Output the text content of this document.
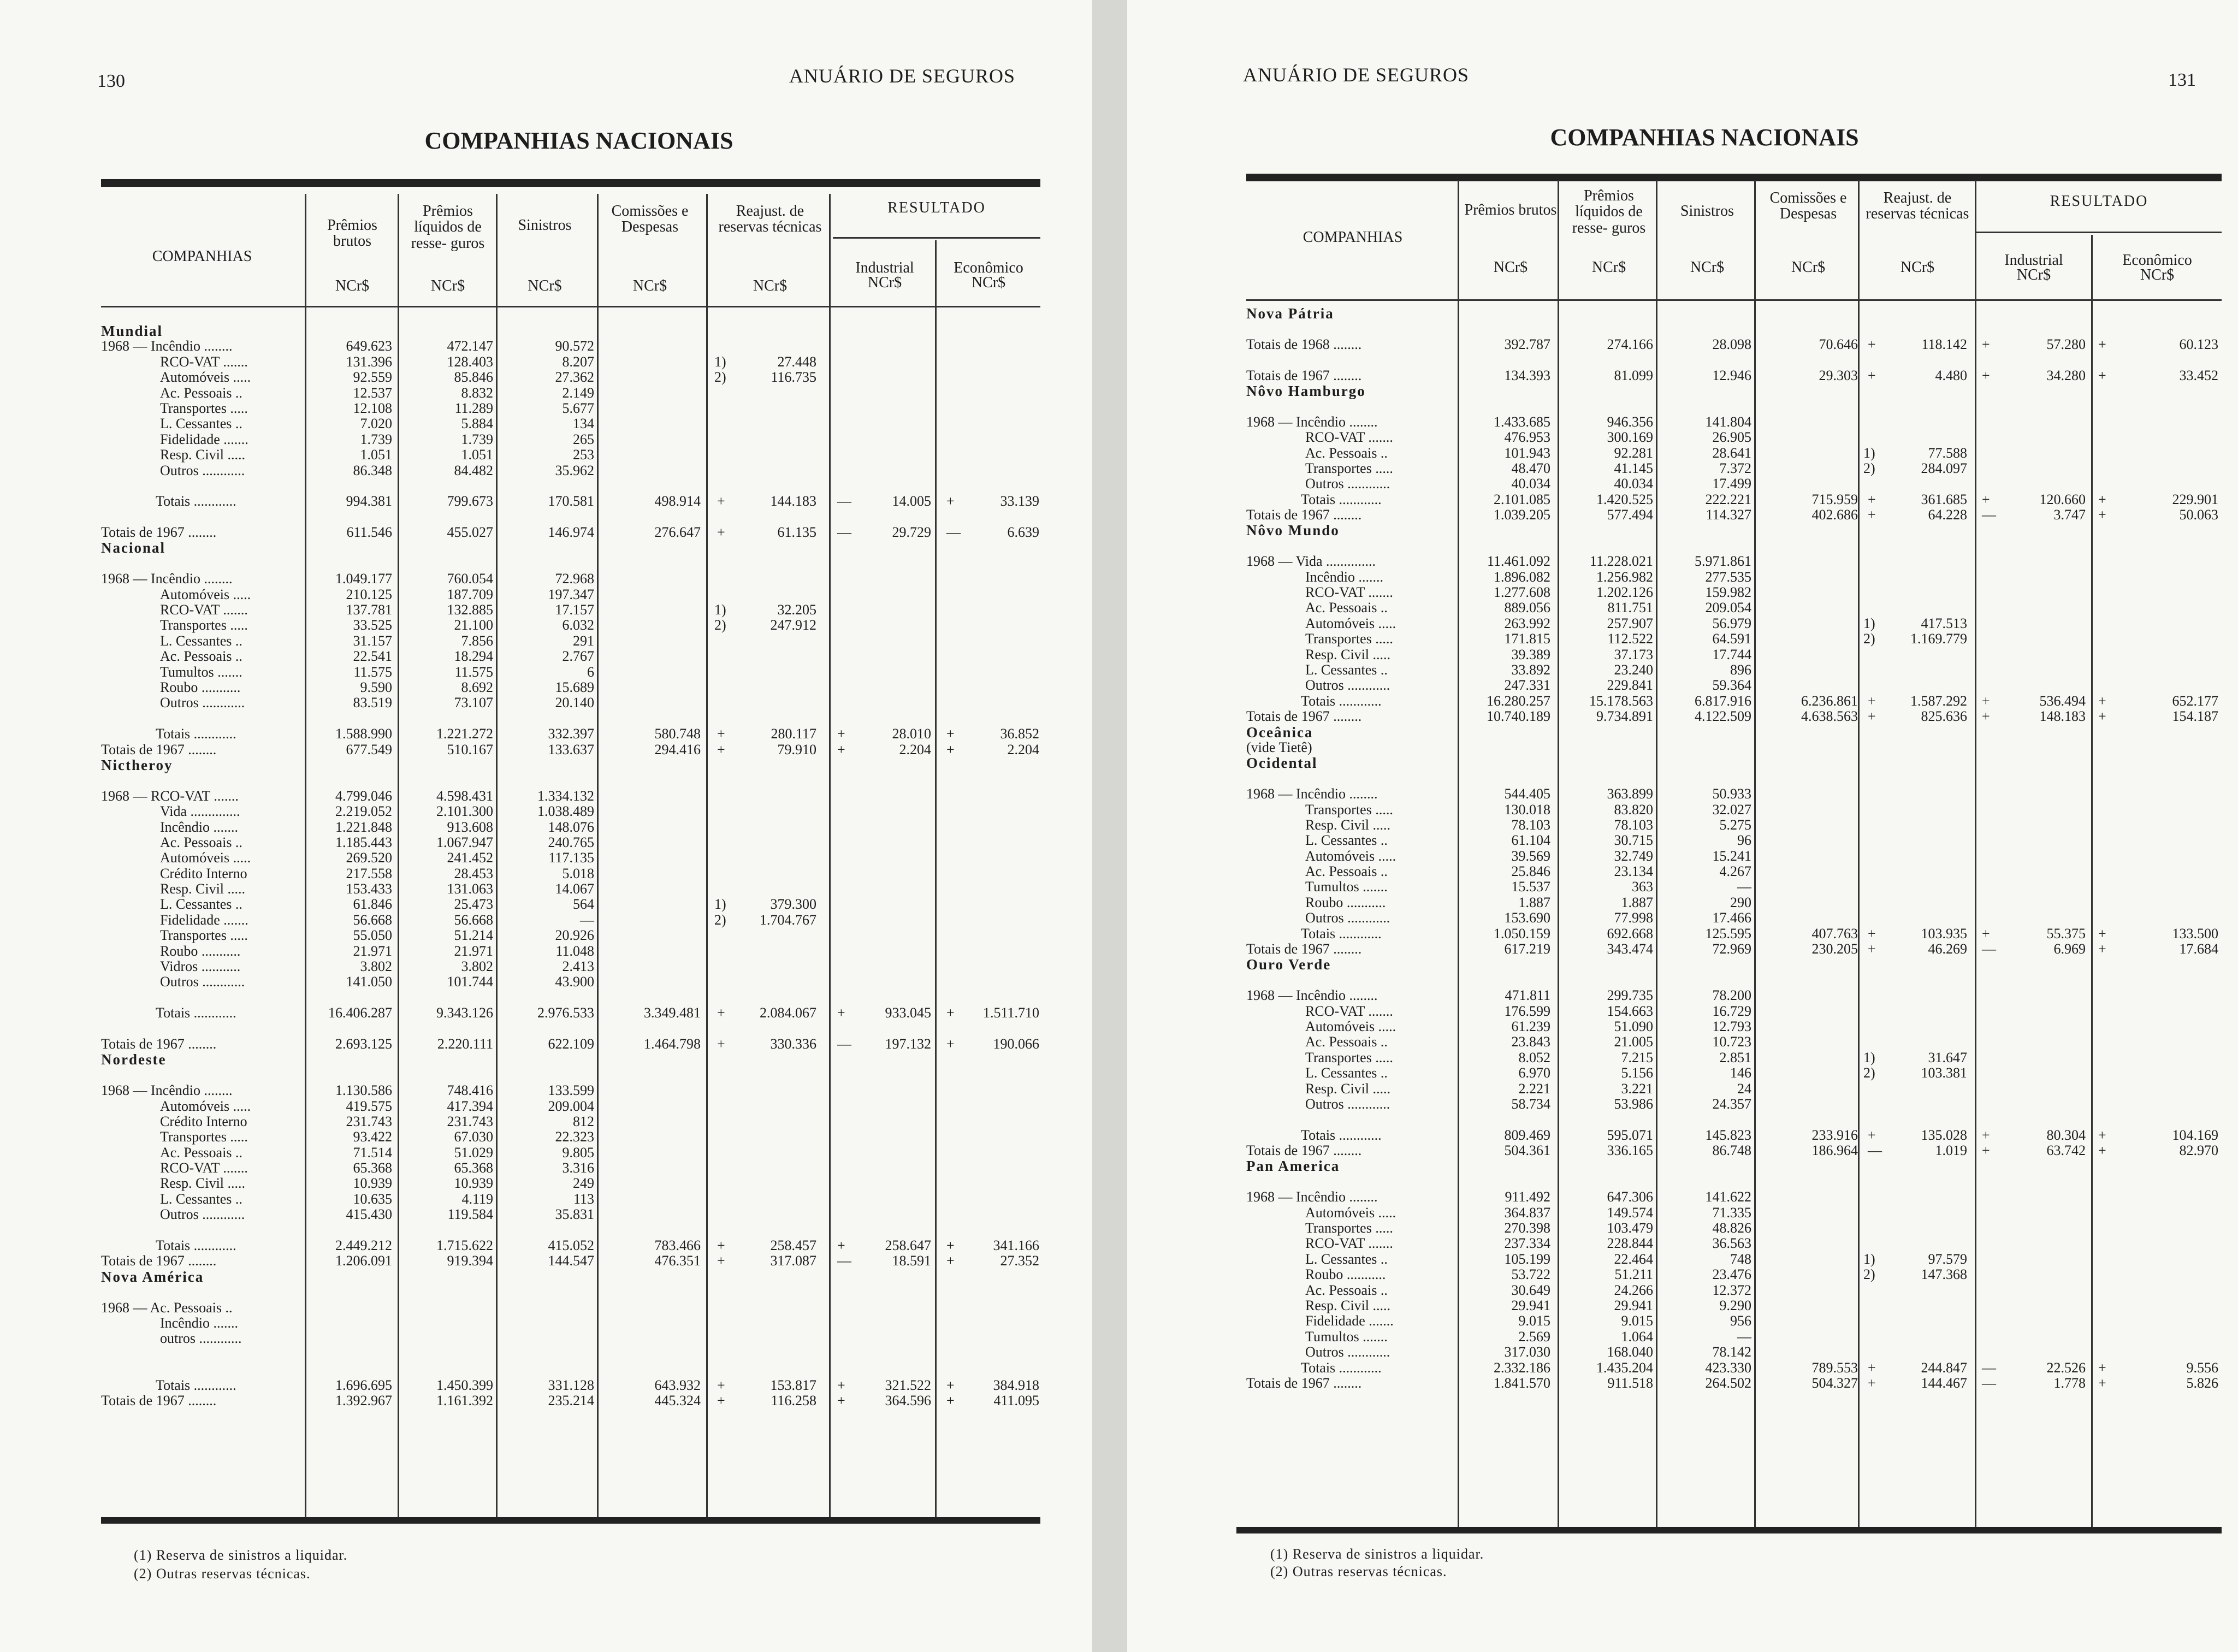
130	ANUÁRIO DE SEGUROS
COMPANHIAS NACIONAIS
COMPANHIAS
Prêmios brutos
Prêmios líquidos de resse- guros
Sinistros
Comissões e Despesas
Reajust. de reservas técnicas
RESULTADO
Industrial	Econômico
NCr$	NCr$	NCr$	NCr$	NCr$	NCr$	NCr$
Mundial
1968 — Incêndio ........	649.623	472.147	90.572
RCO-VAT .......	131.396	128.403	8.207	1)	27.448
Automóveis .....	92.559	85.846	27.362	2)	116.735
Ac. Pessoais ..	12.537	8.832	2.149
Transportes .....	12.108	11.289	5.677
L. Cessantes ..	7.020	5.884	134
Fidelidade .......	1.739	1.739	265
Resp. Civil .....	1.051	1.051	253
Outros ............	86.348	84.482	35.962
Totais ............	994.381	799.673	170.581	498.914 +	144.183 —	14.005 +	33.139
Totais de 1967 ........	611.546	455.027	146.974	276.647 +	61.135 —	29.729 —	6.639
Nacional
1968 — Incêndio ........	1.049.177	760.054	72.968
Automóveis .....	210.125	187.709	197.347
RCO-VAT .......	137.781	132.885	17.157	1)	32.205
Transportes .....	33.525	21.100	6.032	2)	247.912
L. Cessantes ..	31.157	7.856	291
Ac. Pessoais ..	22.541	18.294	2.767
Tumultos .......	11.575	11.575	6
Roubo ...........	9.590	8.692	15.689
Outros ............	83.519	73.107	20.140
Totais ............	1.588.990	1.221.272	332.397	580.748 +	280.117 +	28.010 +	36.852
Totais de 1967 ........	677.549	510.167	133.637	294.416 +	79.910 +	2.204 +	2.204
Nictheroy
1968 — RCO-VAT .......	4.799.046	4.598.431	1.334.132
Vida ..............	2.219.052	2.101.300	1.038.489
Incêndio .......	1.221.848	913.608	148.076
Ac. Pessoais ..	1.185.443	1.067.947	240.765
Automóveis .....	269.520	241.452	117.135
Crédito Interno	217.558	28.453	5.018
Resp. Civil .....	153.433	131.063	14.067
L. Cessantes ..	61.846	25.473	564	1)	379.300
Fidelidade .......	56.668	56.668	—	2)	1.704.767
Transportes .....	55.050	51.214	20.926
Roubo ...........	21.971	21.971	11.048
Vidros ...........	3.802	3.802	2.413
Outros ............	141.050	101.744	43.900
Totais ............	16.406.287	9.343.126	2.976.533	3.349.481 +	2.084.067 +	933.045 +	1.511.710
Totais de 1967 ........	2.693.125	2.220.111	622.109	1.464.798 +	330.336 —	197.132 +	190.066
Nordeste
1968 — Incêndio ........	1.130.586	748.416	133.599
Automóveis .....	419.575	417.394	209.004
Crédito Interno	231.743	231.743	812
Transportes .....	93.422	67.030	22.323
Ac. Pessoais ..	71.514	51.029	9.805
RCO-VAT .......	65.368	65.368	3.316
Resp. Civil .....	10.939	10.939	249
L. Cessantes ..	10.635	4.119	113
Outros ............	415.430	119.584	35.831
Totais ............	2.449.212	1.715.622	415.052	783.466 +	258.457 +	258.647 +	341.166
Totais de 1967 ........	1.206.091	919.394	144.547	476.351 +	317.087 —	18.591 +	27.352
Nova América
1968 — Ac. Pessoais ..
Incêndio .......
outros ............
Totais ............	1.696.695	1.450.399	331.128	643.932 +	153.817 +	321.522 +	384.918
Totais de 1967 ........	1.392.967	1.161.392	235.214	445.324 +	116.258 +	364.596 +	411.095
(1) Reserva de sinistros a liquidar.
(2) Outras reservas técnicas.
ANUÁRIO DE SEGUROS	131
COMPANHIAS NACIONAIS
COMPANHIAS
Prêmios brutos
Prêmios líquidos de resse- guros
Sinistros
Comissões e Despesas
Reajust. de reservas técnicas
RESULTADO
Industrial	Econômico
NCr$	NCr$	NCr$	NCr$	NCr$	NCr$	NCr$
Nova Pátria
Totais de 1968 ........	392.787	274.166	28.098	70.646 +	118.142 +	57.280 +	60.123
Totais de 1967 ........	134.393	81.099	12.946	29.303 +	4.480 +	34.280 +	33.452
Nôvo Hamburgo
1968 — Incêndio ........	1.433.685	946.356	141.804
RCO-VAT .......	476.953	300.169	26.905
Ac. Pessoais ..	101.943	92.281	28.641	1)	77.588
Transportes .....	48.470	41.145	7.372	2)	284.097
Outros ............	40.034	40.034	17.499
Totais ............	2.101.085	1.420.525	222.221	715.959 +	361.685 +	120.660 +	229.901
Totais de 1967 ........	1.039.205	577.494	114.327	402.686 +	64.228 —	3.747 +	50.063
Nôvo Mundo
1968 — Vida ..............	11.461.092	11.228.021	5.971.861
Incêndio .......	1.896.082	1.256.982	277.535
RCO-VAT .......	1.277.608	1.202.126	159.982
Ac. Pessoais ..	889.056	811.751	209.054
Automóveis .....	263.992	257.907	56.979	1)	417.513
Transportes .....	171.815	112.522	64.591	2)	1.169.779
Resp. Civil .....	39.389	37.173	17.744
L. Cessantes ..	33.892	23.240	896
Outros ............	247.331	229.841	59.364
Totais ............	16.280.257	15.178.563	6.817.916	6.236.861 +	1.587.292 +	536.494 +	652.177
Totais de 1967 ........	10.740.189	9.734.891	4.122.509	4.638.563 +	825.636 +	148.183 +	154.187
Oceânica
(vide Tietê)
Ocidental
1968 — Incêndio ........	544.405	363.899	50.933
Transportes .....	130.018	83.820	32.027
Resp. Civil .....	78.103	78.103	5.275
L. Cessantes ..	61.104	30.715	96
Automóveis .....	39.569	32.749	15.241
Ac. Pessoais ..	25.846	23.134	4.267
Tumultos .......	15.537	363	—
Roubo ...........	1.887	1.887	290
Outros ............	153.690	77.998	17.466
Totais ............	1.050.159	692.668	125.595	407.763 +	103.935 +	55.375 +	133.500
Totais de 1967 ........	617.219	343.474	72.969	230.205 +	46.269 —	6.969 +	17.684
Ouro Verde
1968 — Incêndio ........	471.811	299.735	78.200
RCO-VAT .......	176.599	154.663	16.729
Automóveis .....	61.239	51.090	12.793
Ac. Pessoais ..	23.843	21.005	10.723
Transportes .....	8.052	7.215	2.851	1)	31.647
L. Cessantes ..	6.970	5.156	146	2)	103.381
Resp. Civil .....	2.221	3.221	24
Outros ............	58.734	53.986	24.357
Totais ............	809.469	595.071	145.823	233.916 +	135.028 +	80.304 +	104.169
Totais de 1967 ........	504.361	336.165	86.748	186.964 —	1.019 +	63.742 +	82.970
Pan America
1968 — Incêndio ........	911.492	647.306	141.622
Automóveis .....	364.837	149.574	71.335
Transportes .....	270.398	103.479	48.826
RCO-VAT .......	237.334	228.844	36.563
L. Cessantes ..	105.199	22.464	748	1)	97.579
Roubo ...........	53.722	51.211	23.476	2)	147.368
Ac. Pessoais ..	30.649	24.266	12.372
Resp. Civil .....	29.941	29.941	9.290
Fidelidade .......	9.015	9.015	956
Tumultos .......	2.569	1.064	—
Outros ............	317.030	168.040	78.142
Totais ............	2.332.186	1.435.204	423.330	789.553 +	244.847 —	22.526 +	9.556
Totais de 1967 ........	1.841.570	911.518	264.502	504.327 +	144.467 —	1.778 +	5.826
(1) Reserva de sinistros a liquidar.
(2) Outras reservas técnicas.
